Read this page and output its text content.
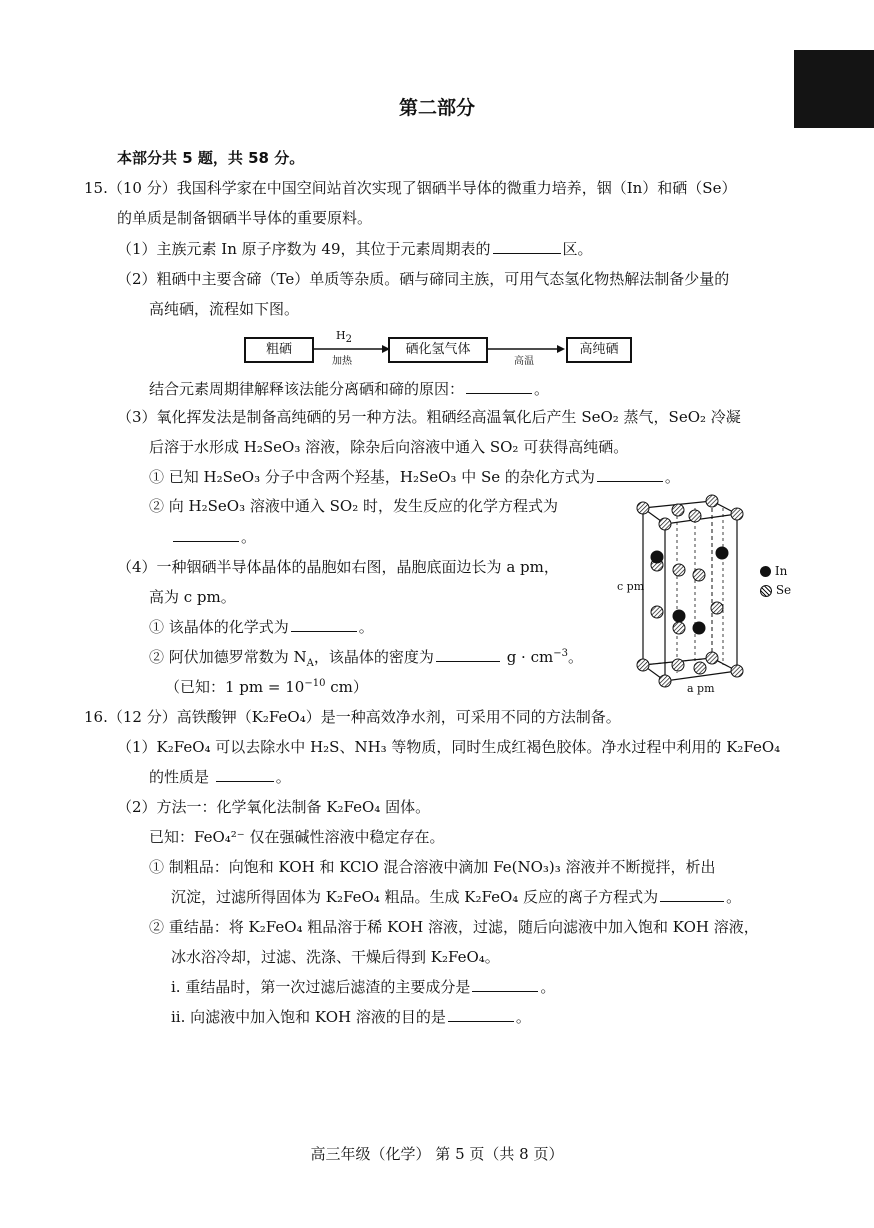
第二部分
本部分共 5 题，共 58 分。
15.（10 分）我国科学家在中国空间站首次实现了铟硒半导体的微重力培养，铟（In）和硒（Se）
的单质是制备铟硒半导体的重要原料。
（1）主族元素 In 原子序数为 49，其位于元素周期表的	区。
（2）粗硒中主要含碲（Te）单质等杂质。硒与碲同主族，可用气态氢化物热解法制备少量的
高纯硒，流程如下图。
粗硒
$H_2$
加热
硒化氢气体
高温
高纯硒
结合元素周期律解释该法能分离硒和碲的原因：	。
（3）氧化挥发法是制备高纯硒的另一种方法。粗硒经高温氧化后产生 SeO₂ 蒸气，SeO₂ 冷凝
后溶于水形成 H₂SeO₃ 溶液，除杂后向溶液中通入 SO₂ 可获得高纯硒。
① 已知 H₂SeO₃ 分子中含两个羟基，H₂SeO₃ 中 Se 的杂化方式为	。
② 向 H₂SeO₃ 溶液中通入 SO₂ 时，发生反应的化学方程式为
。
（4）一种铟硒半导体晶体的晶胞如右图，晶胞底面边长为 a pm，
高为 c pm。
① 该晶体的化学式为	。
② 阿伏加德罗常数为 $N_A$，该晶体的密度为	$g \cdot cm^{-3}$。
（已知：1 pm = $10^{-10}$ cm）
c pm
a pm
In
Se
16.（12 分）高铁酸钾（K₂FeO₄）是一种高效净水剂，可采用不同的方法制备。
（1）K₂FeO₄ 可以去除水中 H₂S、NH₃ 等物质，同时生成红褐色胶体。净水过程中利用的 K₂FeO₄
的性质是	。
（2）方法一：化学氧化法制备 K₂FeO₄ 固体。
已知：FeO₄²⁻ 仅在强碱性溶液中稳定存在。
① 制粗品：向饱和 KOH 和 KClO 混合溶液中滴加 Fe(NO₃)₃ 溶液并不断搅拌，析出
沉淀，过滤所得固体为 K₂FeO₄ 粗品。生成 K₂FeO₄ 反应的离子方程式为	。
② 重结晶：将 K₂FeO₄ 粗品溶于稀 KOH 溶液，过滤，随后向滤液中加入饱和 KOH 溶液，
冰水浴冷却，过滤、洗涤、干燥后得到 K₂FeO₄。
i. 重结晶时，第一次过滤后滤渣的主要成分是	。
ii. 向滤液中加入饱和 KOH 溶液的目的是	。
高三年级（化学） 第 5 页（共 8 页）
